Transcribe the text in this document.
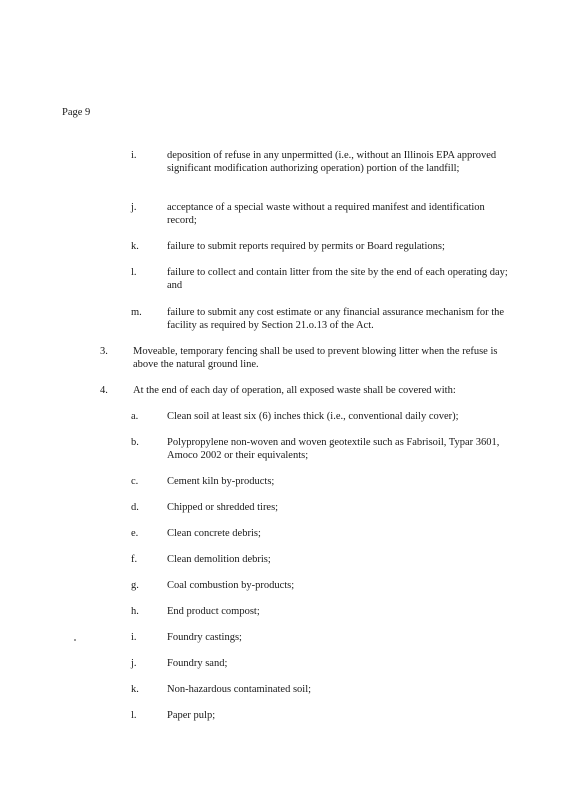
Page 9
i.	deposition of refuse in any unpermitted (i.e., without an Illinois EPA approved significant modification authorizing operation) portion of the landfill;
j.	acceptance of a special waste without a required manifest and identification record;
k.	failure to submit reports required by permits or Board regulations;
l.	failure to collect and contain litter from the site by the end of each operating day; and
m.	failure to submit any cost estimate or any financial assurance mechanism for the facility as required by Section 21.o.13 of the Act.
3.	Moveable, temporary fencing shall be used to prevent blowing litter when the refuse is above the natural ground line.
4.	At the end of each day of operation, all exposed waste shall be covered with:
a.	Clean soil at least six (6) inches thick (i.e., conventional daily cover);
b.	Polypropylene non-woven and woven geotextile such as Fabrisoil, Typar 3601, Amoco 2002 or their equivalents;
c.	Cement kiln by-products;
d.	Chipped or shredded tires;
e.	Clean concrete debris;
f.	Clean demolition debris;
g.	Coal combustion by-products;
h.	End product compost;
i.	Foundry castings;
j.	Foundry sand;
k.	Non-hazardous contaminated soil;
l.	Paper pulp;
